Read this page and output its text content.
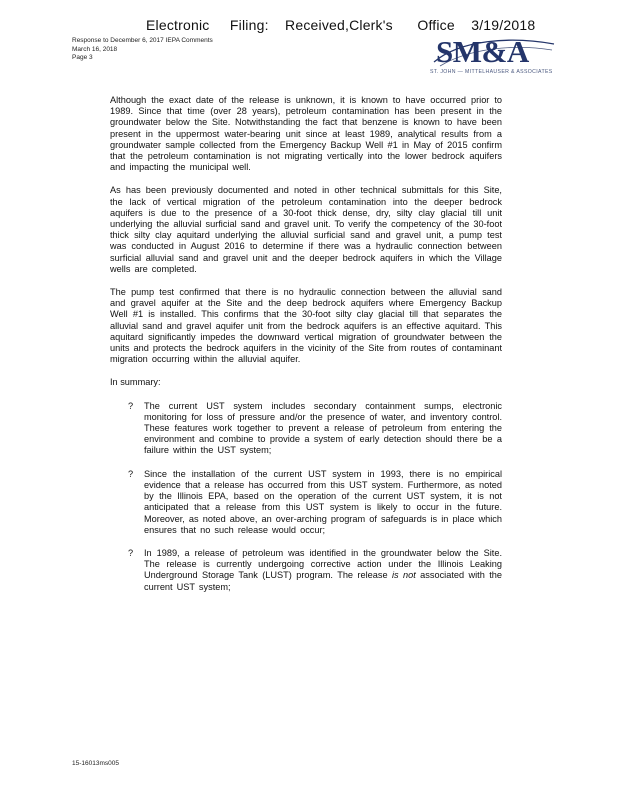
Electronic     Filing:    Received,Clerk's      Office    3/19/2018
Response to December 6, 2017 IEPA Comments
March 16, 2018
Page 3	SM&A
ST. JOHN — MITTELHAUSER & ASSOCIATES

Although the exact date of the release is unknown, it is known to have occurred prior to 1989. Since that time (over 28 years), petroleum contamination has been present in the groundwater below the Site. Notwithstanding the fact that benzene is known to have been present in the uppermost water-bearing unit since at least 1989, analytical results from a groundwater sample collected from the Emergency Backup Well #1 in May of 2015 confirm that the petroleum contamination is not migrating vertically into the lower bedrock aquifers and impacting the municipal well.

As has been previously documented and noted in other technical submittals for this Site, the lack of vertical migration of the petroleum contamination into the deeper bedrock aquifers is due to the presence of a 30-foot thick dense, dry, silty clay glacial till unit underlying the alluvial surficial sand and gravel unit. To verify the competency of the 30-foot thick silty clay aquitard underlying the alluvial surficial sand and gravel unit, a pump test was conducted in August 2016 to determine if there was a hydraulic connection between surficial alluvial sand and gravel unit and the deeper bedrock aquifers in which the Village wells are completed.

The pump test confirmed that there is no hydraulic connection between the alluvial sand and gravel aquifer at the Site and the deep bedrock aquifers where Emergency Backup Well #1 is installed. This confirms that the 30-foot silty clay glacial till that separates the alluvial sand and gravel aquifer unit from the bedrock aquifers is an effective aquitard. This aquitard significantly impedes the downward vertical migration of groundwater between the units and protects the bedrock aquifers in the vicinity of the Site from routes of contaminant migration occurring within the alluvial aquifer.

In summary:

? The current UST system includes secondary containment sumps, electronic monitoring for loss of pressure and/or the presence of water, and inventory control. These features work together to prevent a release of petroleum from entering the environment and combine to provide a system of early detection should there be a failure within the UST system;
? Since the installation of the current UST system in 1993, there is no empirical evidence that a release has occurred from this UST system. Furthermore, as noted by the Illinois EPA, based on the operation of the current UST system, it is not anticipated that a release from this UST system is likely to occur in the future. Moreover, as noted above, an over-arching program of safeguards is in place which ensures that no such release would occur;
? In 1989, a release of petroleum was identified in the groundwater below the Site. The release is currently undergoing corrective action under the Illinois Leaking Underground Storage Tank (LUST) program. The release is not associated with the current UST system;
15-16013ms005
